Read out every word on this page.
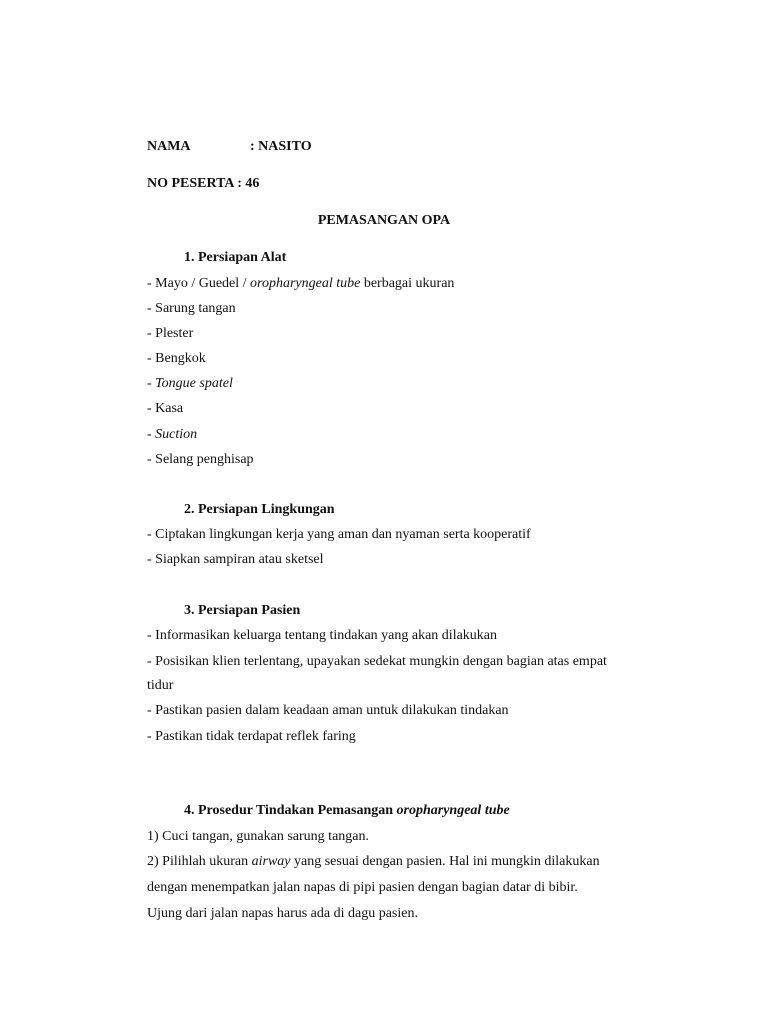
NAMA	: NASITO
NO PESERTA : 46
PEMASANGAN OPA
1. Persiapan Alat
- Mayo / Guedel / oropharyngeal tube berbagai ukuran
- Sarung tangan
- Plester
- Bengkok
- Tongue spatel
- Kasa
- Suction
- Selang penghisap
2. Persiapan Lingkungan
- Ciptakan lingkungan kerja yang aman dan nyaman serta kooperatif
- Siapkan sampiran atau sketsel
3. Persiapan Pasien
- Informasikan keluarga tentang tindakan yang akan dilakukan
- Posisikan klien terlentang, upayakan sedekat mungkin dengan bagian atas empat
tidur
- Pastikan pasien dalam keadaan aman untuk dilakukan tindakan
- Pastikan tidak terdapat reflek faring
4. Prosedur Tindakan Pemasangan oropharyngeal tube
1) Cuci tangan, gunakan sarung tangan.
2) Pilihlah ukuran airway yang sesuai dengan pasien. Hal ini mungkin dilakukan
dengan menempatkan jalan napas di pipi pasien dengan bagian datar di bibir.
Ujung dari jalan napas harus ada di dagu pasien.
